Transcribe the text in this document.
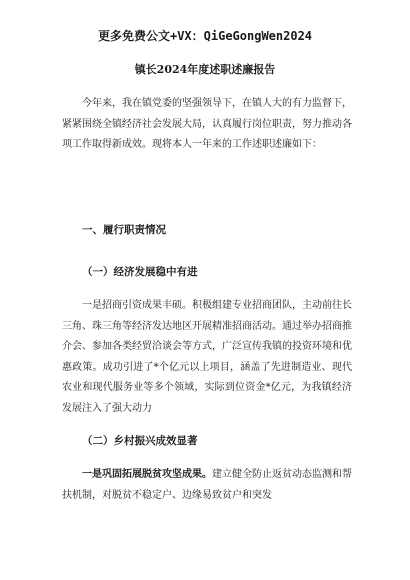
更多免费公文+VX：QiGeGongWen2024
镇长2024年度述职述廉报告
今年来，我在镇党委的坚强领导下，在镇人大的有力监督下，紧紧围绕全镇经济社会发展大局，认真履行岗位职责，努力推动各项工作取得新成效。现将本人一年来的工作述职述廉如下：
一、履行职责情况
（一）经济发展稳中有进
一是招商引资成果丰硕。积极组建专业招商团队，主动前往长三角、珠三角等经济发达地区开展精准招商活动。通过举办招商推介会、参加各类经贸洽谈会等方式，广泛宣传我镇的投资环境和优惠政策。成功引进了*个亿元以上项目，涵盖了先进制造业、现代农业和现代服务业等多个领域，实际到位资金*亿元，为我镇经济发展注入了强大动力
（二）乡村振兴成效显著
一是巩固拓展脱贫攻坚成果。建立健全防止返贫动态监测和帮扶机制，对脱贫不稳定户、边缘易致贫户和突发
